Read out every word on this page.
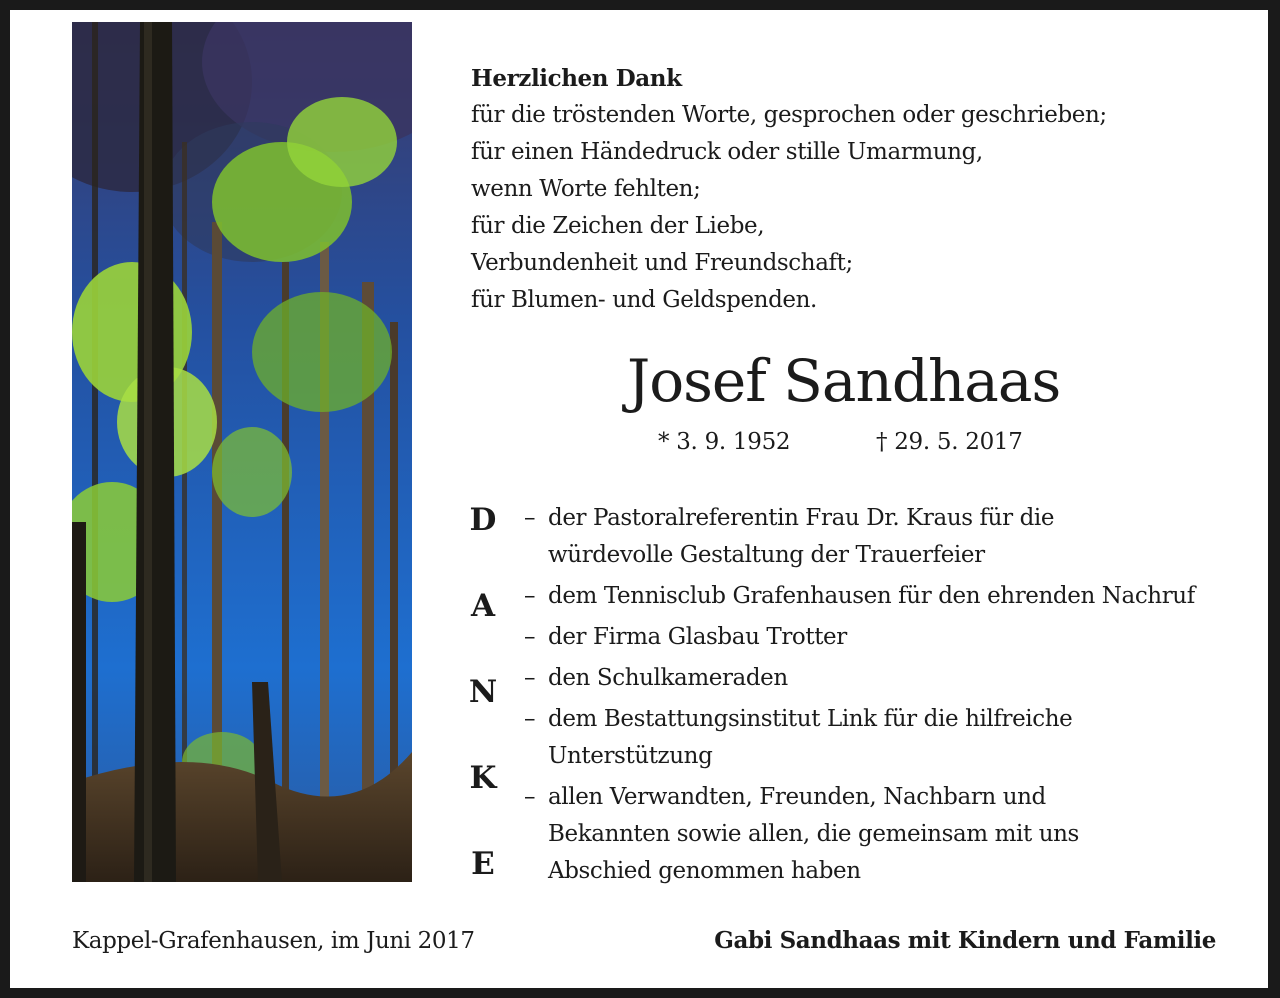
Herzlichen Dank
für die tröstenden Worte, gesprochen oder geschrieben;
für einen Händedruck oder stille Umarmung,
wenn Worte fehlten;
für die Zeichen der Liebe,
Verbundenheit und Freundschaft;
für Blumen- und Geldspenden.
Josef Sandhaas
* 3. 9. 1952	† 29. 5. 2017
D
A
N
K
E
– der Pastoralreferentin Frau Dr. Kraus für die
würdevolle Gestaltung der Trauerfeier
– dem Tennisclub Grafenhausen für den ehrenden Nachruf
– der Firma Glasbau Trotter
– den Schulkameraden
– dem Bestattungsinstitut Link für die hilfreiche
Unterstützung
– allen Verwandten, Freunden, Nachbarn und
Bekannten sowie allen, die gemeinsam mit uns
Abschied genommen haben
Kappel-Grafenhausen, im Juni 2017	Gabi Sandhaas mit Kindern und Familie
